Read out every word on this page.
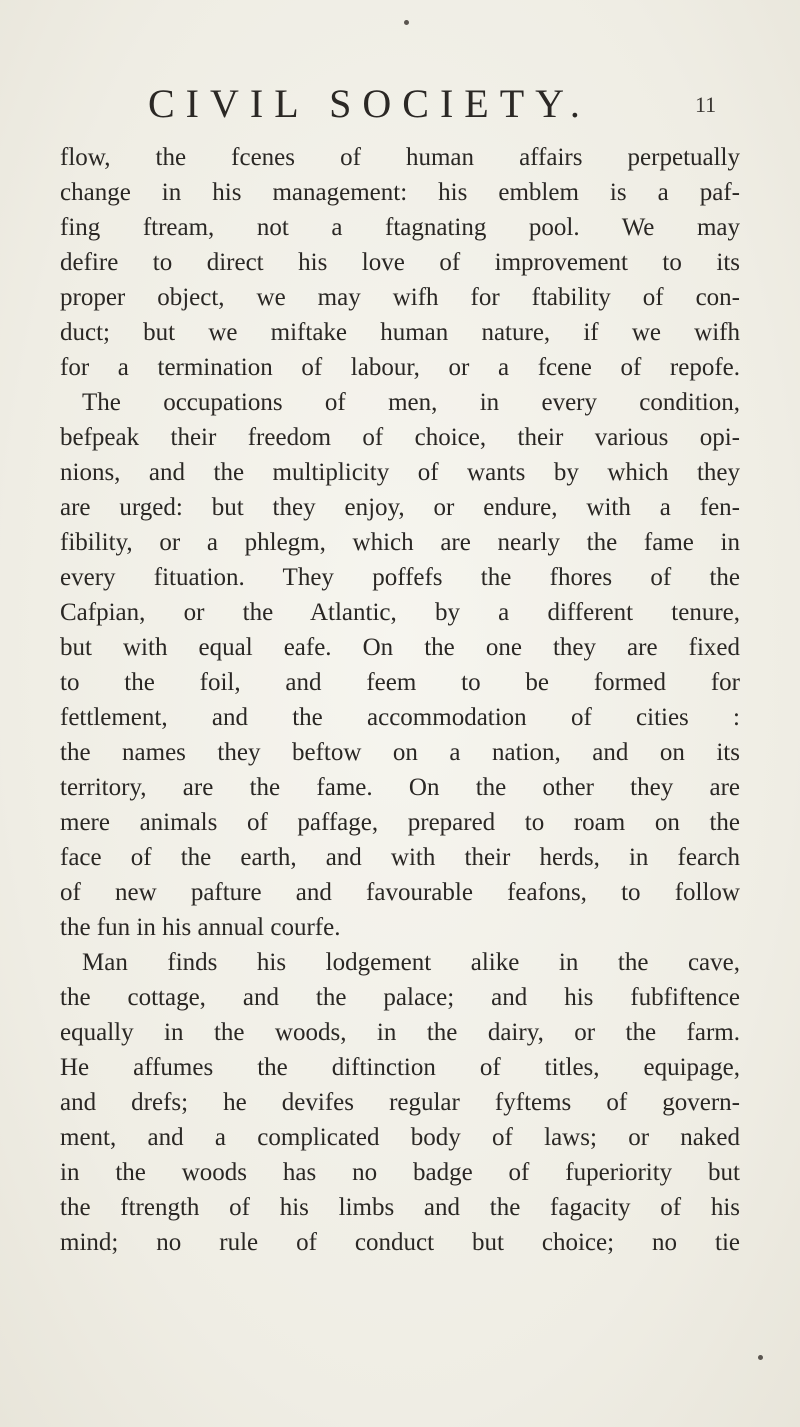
CIVIL SOCIETY.	11
flow, the fcenes of human affairs perpetually
change in his management: his emblem is a paf-
fing ftream, not a ftagnating pool. We may
defire to direct his love of improvement to its
proper object, we may wifh for ftability of con-
duct; but we miftake human nature, if we wifh
for a termination of labour, or a fcene of repofe.
The occupations of men, in every condition,
befpeak their freedom of choice, their various opi-
nions, and the multiplicity of wants by which they
are urged: but they enjoy, or endure, with a fen-
fibility, or a phlegm, which are nearly the fame in
every fituation. They poffefs the fhores of the
Cafpian, or the Atlantic, by a different tenure,
but with equal eafe. On the one they are fixed
to the foil, and feem to be formed for
fettlement, and the accommodation of cities :
the names they beftow on a nation, and on its
territory, are the fame. On the other they are
mere animals of paffage, prepared to roam on the
face of the earth, and with their herds, in fearch
of new pafture and favourable feafons, to follow
the fun in his annual courfe.
Man finds his lodgement alike in the cave,
the cottage, and the palace; and his fubfiftence
equally in the woods, in the dairy, or the farm.
He affumes the diftinction of titles, equipage,
and drefs; he devifes regular fyftems of govern-
ment, and a complicated body of laws; or naked
in the woods has no badge of fuperiority but
the ftrength of his limbs and the fagacity of his
mind; no rule of conduct but choice; no tie
